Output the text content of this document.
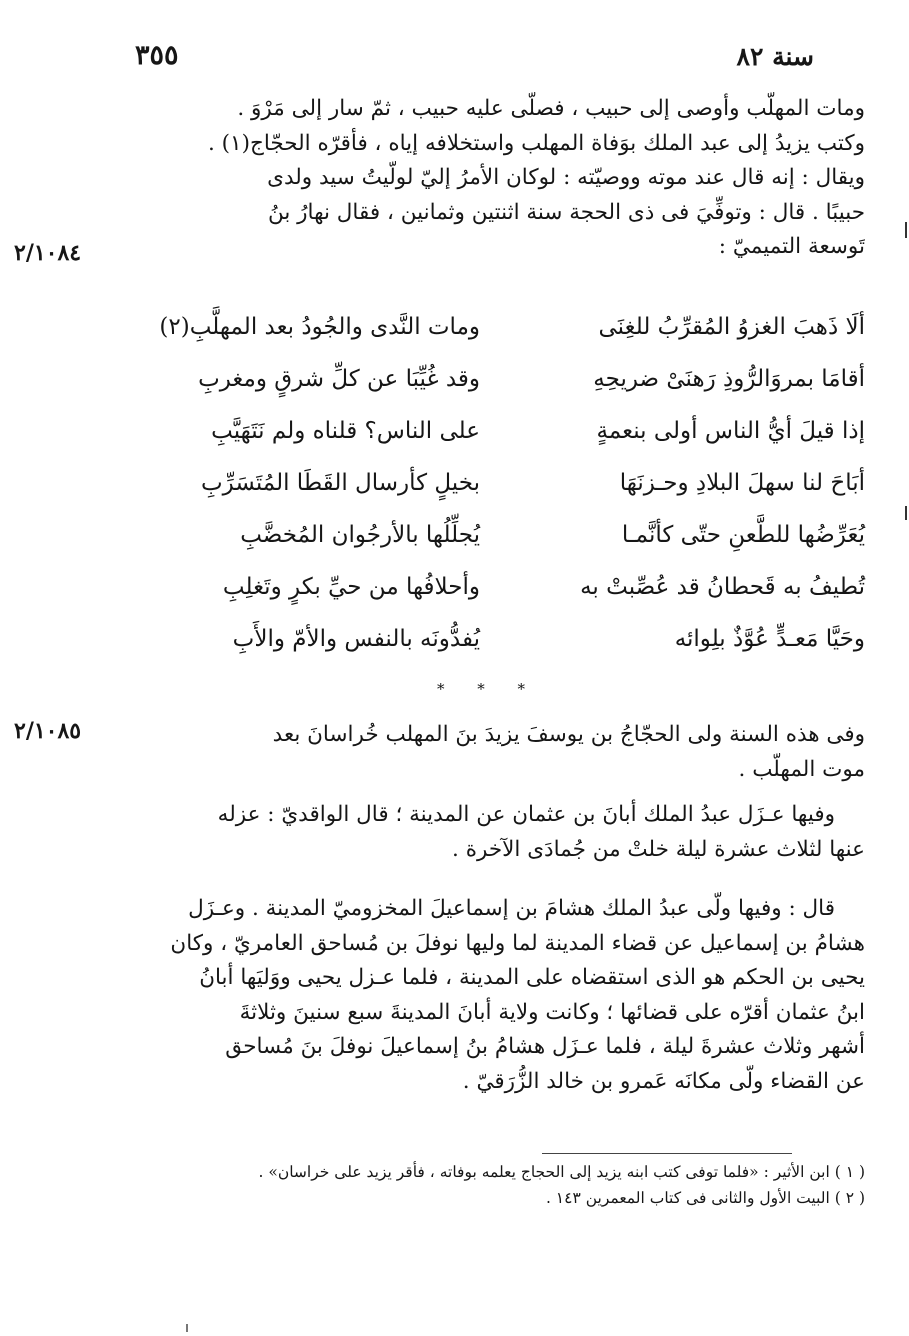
٣٥٥	سنة ٨٢
٢/١٠٨٤
٢/١٠٨٥
ومات المهلّب وأوصى إلى حبيب ، فصلّى عليه حبيب ، ثمّ سار إلى مَرْوَ .
وكتب يزيدُ إلى عبد الملك بوَفاة المهلب واستخلافه إياه ، فأقرّه الحجّاج(١) .
ويقال : إنه قال عند موته ووصيّته : لوكان الأمرُ إليّ لولّيتُ سيد ولدى
حبيبًا . قال : وتوفِّيَ فى ذى الحجة سنة اثنتين وثمانين ، فقال نهارُ بنُ
تَوسعة التميميّ :
ألَا ذَهبَ الغزوُ المُقرِّبُ للغِنَى
ومات النَّدى والجُودُ بعد المهلَّبِ(٢)
أقامَا بمروَالرُّوذِ رَهنَىْ ضريحِهِ
وقد غُيِّبَا عن كلِّ شرقٍ ومغربِ
إذا قيلَ أيُّ الناس أولى بنعمةٍ
على الناس؟ قلناه ولم نَتَهَيَّبِ
أبَاحَ لنا سهلَ البلادِ وحـزنَهَا
بخيلٍ كأرسال القَطَا المُتَسَرِّبِ
يُعَرِّضُها للطَّعنِ حتّى كأنَّمـا
يُجلِّلُها بالأرجُوان المُخضَّبِ
تُطيفُ به قَحطانُ قد عُصِّبتْ به
وأحلافُها من حيِّ بكرٍ وتَغلِبِ
وحَيَّا مَعـدٍّ عُوَّذٌ بلِوائه
يُفدُّونَه بالنفس والأمّ والأَبِ
* * *
وفى هذه السنة ولى الحجّاجُ بن يوسفَ يزيدَ بنَ المهلب خُراسانَ بعد
موت المهلّب .
وفيها عـزَل عبدُ الملك أبانَ بن عثمان عن المدينة ؛ قال الواقديّ : عزله
عنها لثلاث عشرة ليلة خلتْ من جُمادَى الآخرة .
قال : وفيها ولّى عبدُ الملك هشامَ بن إسماعيلَ المخزوميّ المدينة . وعـزَل
هشامُ بن إسماعيل عن قضاء المدينة لما وليها نوفلَ بن مُساحق العامريّ ، وكان
يحيى بن الحكم هو الذى استقضاه على المدينة ، فلما عـزل يحيى ووَليَها أبانُ
ابنُ عثمان أقرّه على قضائها ؛ وكانت ولاية أبانَ المدينةَ سبع سنينَ وثلاثةَ
أشهر وثلاث عشرةَ ليلة ، فلما عـزَل هشامُ بنُ إسماعيلَ نوفلَ بنَ مُساحق
عن القضاء ولّى مكانَه عَمرو بن خالد الزُّرَقيّ .
( ١ ) ابن الأثير : «فلما توفى كتب ابنه يزيد إلى الحجاج يعلمه بوفاته ، فأقر يزيد على خراسان» .
( ٢ ) البيت الأول والثانى فى كتاب المعمرين ١٤٣ .
